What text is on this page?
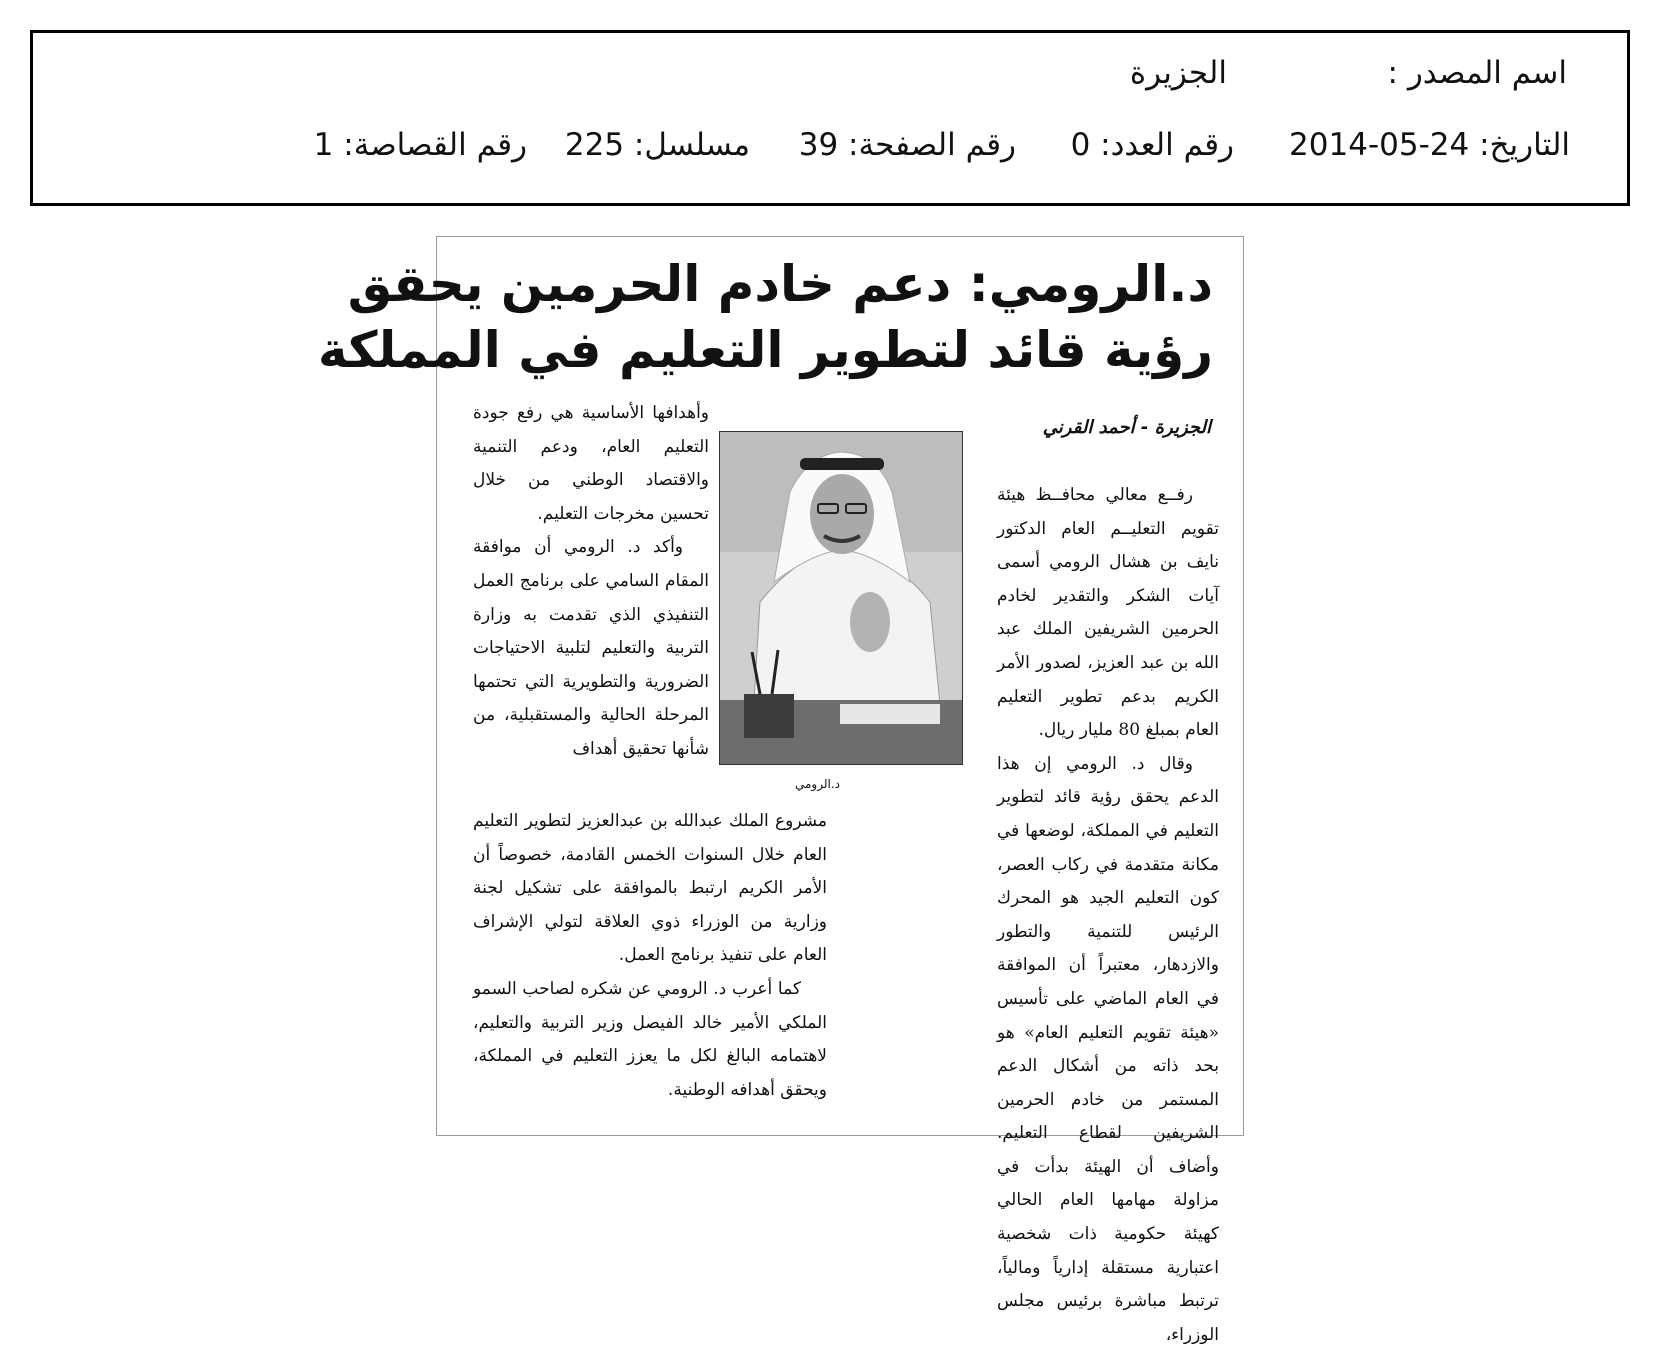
اسم المصدر :
الجزيرة
التاريخ: 24-05-2014
رقم العدد: 0
رقم الصفحة: 39
مسلسل: 225
رقم القصاصة: 1
د.الرومي: دعم خادم الحرمين يحقق
رؤية قائد لتطوير التعليم في المملكة
الجزيرة - أحمد القرني

رفــع معالي محافــظ هيئة تقويم التعليــم العام الدكتور نايف بن هشال الرومي أسمى آيات الشكر والتقدير لخادم الحرمين الشريفين الملك عبد الله بن عبد العزيز، لصدور الأمر الكريم بدعم تطوير التعليم العام بمبلغ 80 مليار ريال.

وقال د. الرومي إن هذا الدعم يحقق رؤية قائد لتطوير التعليم في المملكة، لوضعها في مكانة متقدمة في ركاب العصر، كون التعليم الجيد هو المحرك الرئيس للتنمية والتطور والازدهار، معتبراً أن الموافقة في العام الماضي على تأسيس «هيئة تقويم التعليم العام» هو بحد ذاته من أشكال الدعم المستمر من خادم الحرمين الشريفين لقطاع التعليم. وأضاف أن الهيئة بدأت في مزاولة مهامها العام الحالي كهيئة حكومية ذات شخصية اعتبارية مستقلة إدارياً ومالياً، ترتبط مباشرة برئيس مجلس الوزراء،

وأهدافها الأساسية هي رفع جودة التعليم العام، ودعم التنمية والاقتصاد الوطني من خلال تحسين مخرجات التعليم.

وأكد د. الرومي أن موافقة المقام السامي على برنامج العمل التنفيذي الذي تقدمت به وزارة التربية والتعليم لتلبية الاحتياجات الضرورية والتطويرية التي تحتمها المرحلة الحالية والمستقبلية، من شأنها تحقيق أهداف

مشروع الملك عبدالله بن عبدالعزيز لتطوير التعليم العام خلال السنوات الخمس القادمة، خصوصاً أن الأمر الكريم ارتبط بالموافقة على تشكيل لجنة وزارية من الوزراء ذوي العلاقة لتولي الإشراف العام على تنفيذ برنامج العمل.

كما أعرب د. الرومي عن شكره لصاحب السمو الملكي الأمير خالد الفيصل وزير التربية والتعليم، لاهتمامه البالغ لكل ما يعزز التعليم في المملكة، ويحقق أهدافه الوطنية.

د.الرومي
